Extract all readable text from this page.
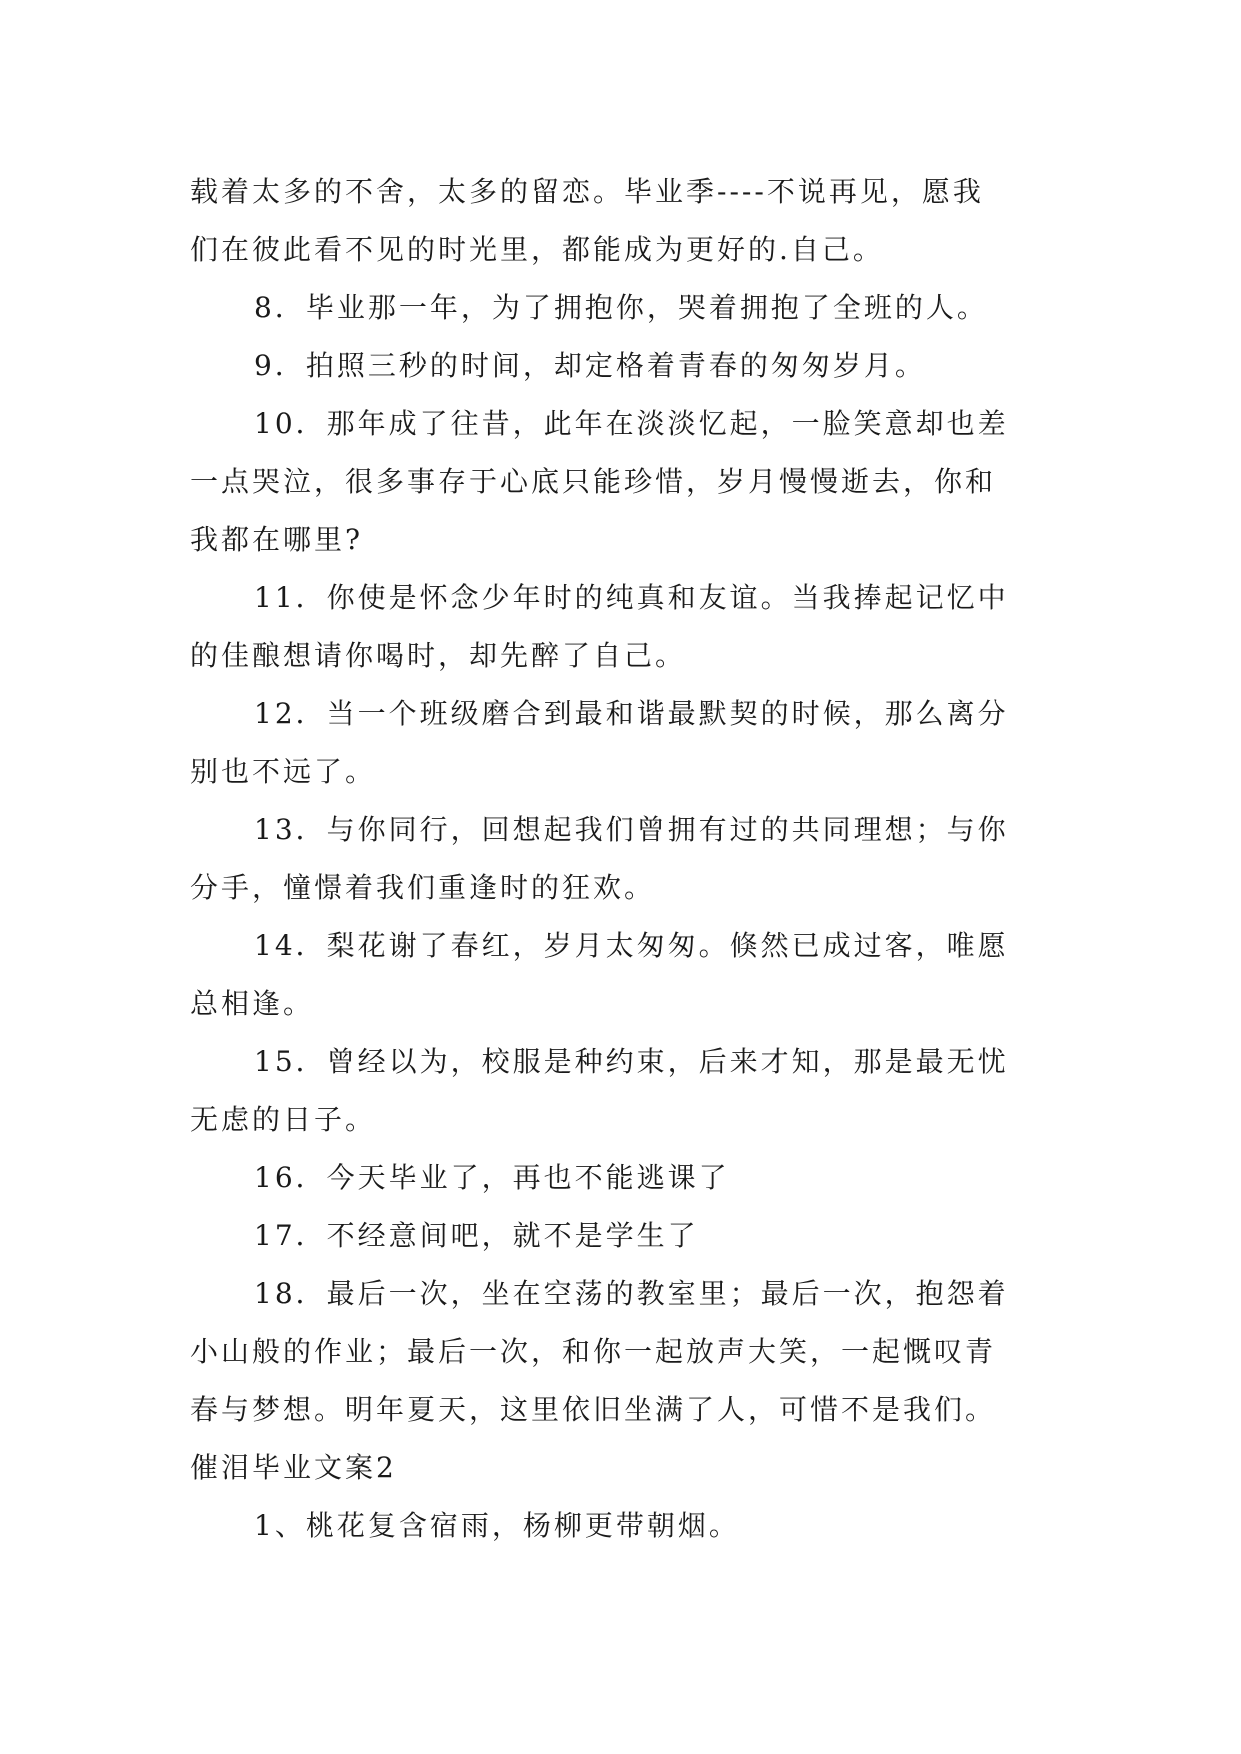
载着太多的不舍，太多的留恋。毕业季----不说再见，愿我
们在彼此看不见的时光里，都能成为更好的.自己。
8．毕业那一年，为了拥抱你，哭着拥抱了全班的人。
9．拍照三秒的时间，却定格着青春的匆匆岁月。
10．那年成了往昔，此年在淡淡忆起，一脸笑意却也差
一点哭泣，很多事存于心底只能珍惜，岁月慢慢逝去，你和
我都在哪里?
11．你使是怀念少年时的纯真和友谊。当我捧起记忆中
的佳酿想请你喝时，却先醉了自己。
12．当一个班级磨合到最和谐最默契的时候，那么离分
别也不远了。
13．与你同行，回想起我们曾拥有过的共同理想；与你
分手，憧憬着我们重逢时的狂欢。
14．梨花谢了春红，岁月太匆匆。倏然已成过客，唯愿
总相逢。
15．曾经以为，校服是种约束，后来才知，那是最无忧
无虑的日子。
16．今天毕业了，再也不能逃课了
17．不经意间吧，就不是学生了
18．最后一次，坐在空荡的教室里；最后一次，抱怨着
小山般的作业；最后一次，和你一起放声大笑，一起慨叹青
春与梦想。明年夏天，这里依旧坐满了人，可惜不是我们。
催泪毕业文案2
1、桃花复含宿雨，杨柳更带朝烟。
